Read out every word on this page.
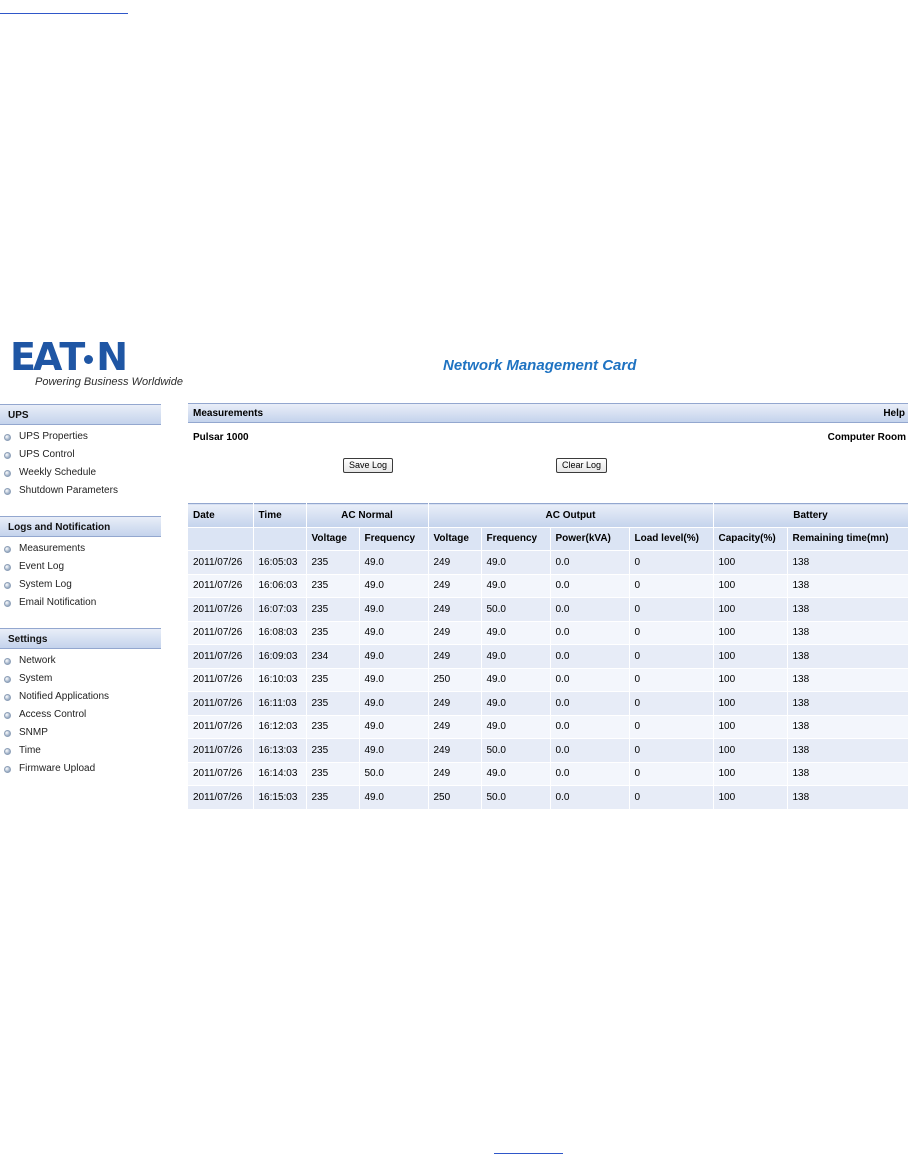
EA T N
Powering Business Worldwide
Network Management Card
UPS
UPS Properties
UPS Control
Weekly Schedule
Shutdown Parameters
Logs and Notification
Measurements
Event Log
System Log
Email Notification
Settings
Network
System
Notified Applications
Access Control
SNMP
Time
Firmware Upload
Measurements	Help
Pulsar 1000	Computer Room
Save Log	Clear Log
Date	Time	AC Normal		AC Output				Battery	
		Voltage	Frequency	Voltage	Frequency	Power(kVA)	Load level(%)	Capacity(%)	Remaining time(mn)
2011/07/26	16:05:03	235	49.0	249	49.0	0.0	0	100	138
2011/07/26	16:06:03	235	49.0	249	49.0	0.0	0	100	138
2011/07/26	16:07:03	235	49.0	249	50.0	0.0	0	100	138
2011/07/26	16:08:03	235	49.0	249	49.0	0.0	0	100	138
2011/07/26	16:09:03	234	49.0	249	49.0	0.0	0	100	138
2011/07/26	16:10:03	235	49.0	250	49.0	0.0	0	100	138
2011/07/26	16:11:03	235	49.0	249	49.0	0.0	0	100	138
2011/07/26	16:12:03	235	49.0	249	49.0	0.0	0	100	138
2011/07/26	16:13:03	235	49.0	249	50.0	0.0	0	100	138
2011/07/26	16:14:03	235	50.0	249	49.0	0.0	0	100	138
2011/07/26	16:15:03	235	49.0	250	50.0	0.0	0	100	138
